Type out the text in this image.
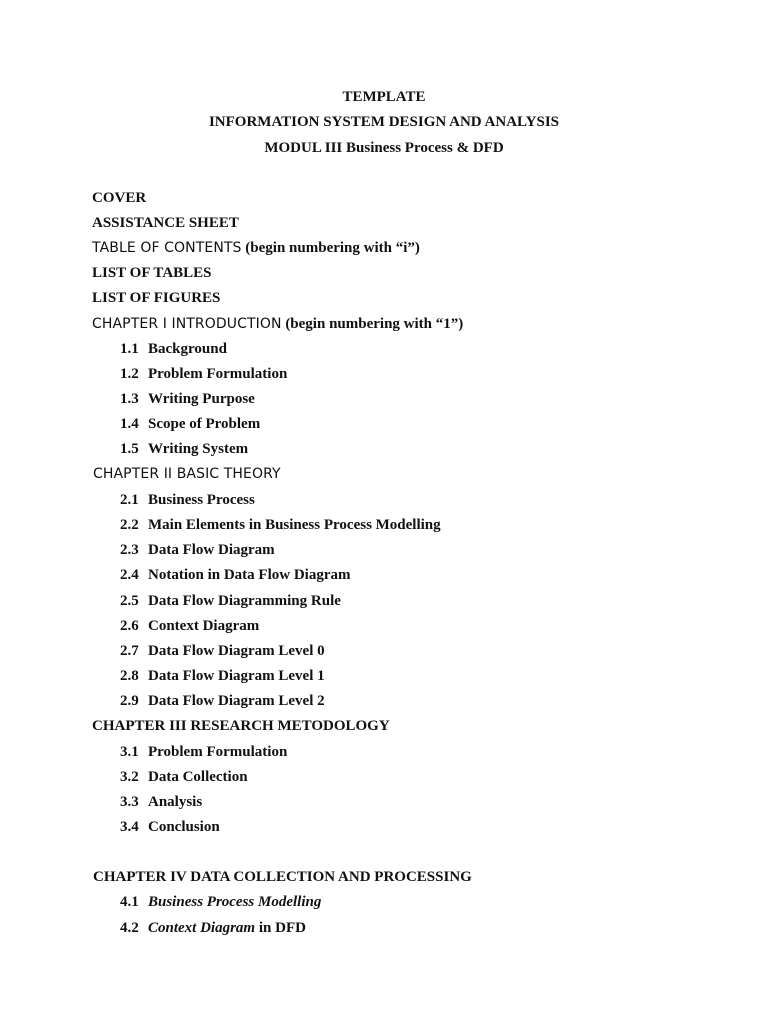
TEMPLATE
INFORMATION SYSTEM DESIGN AND ANALYSIS
MODUL III Business Process & DFD
COVER
ASSISTANCE SHEET
TABLE OF CONTENTS (begin numbering with “i”)
LIST OF TABLES
LIST OF FIGURES
CHAPTER I INTRODUCTION (begin numbering with “1”)
1.1 Background
1.2 Problem Formulation
1.3 Writing Purpose
1.4 Scope of Problem
1.5 Writing System
CHAPTER II BASIC THEORY
2.1 Business Process
2.2 Main Elements in Business Process Modelling
2.3 Data Flow Diagram
2.4 Notation in Data Flow Diagram
2.5 Data Flow Diagramming Rule
2.6 Context Diagram
2.7 Data Flow Diagram Level 0
2.8 Data Flow Diagram Level 1
2.9 Data Flow Diagram Level 2
CHAPTER III RESEARCH METODOLOGY
3.1 Problem Formulation
3.2 Data Collection
3.3 Analysis
3.4 Conclusion
CHAPTER IV DATA COLLECTION AND PROCESSING
4.1 Business Process Modelling
4.2 Context Diagram in DFD
